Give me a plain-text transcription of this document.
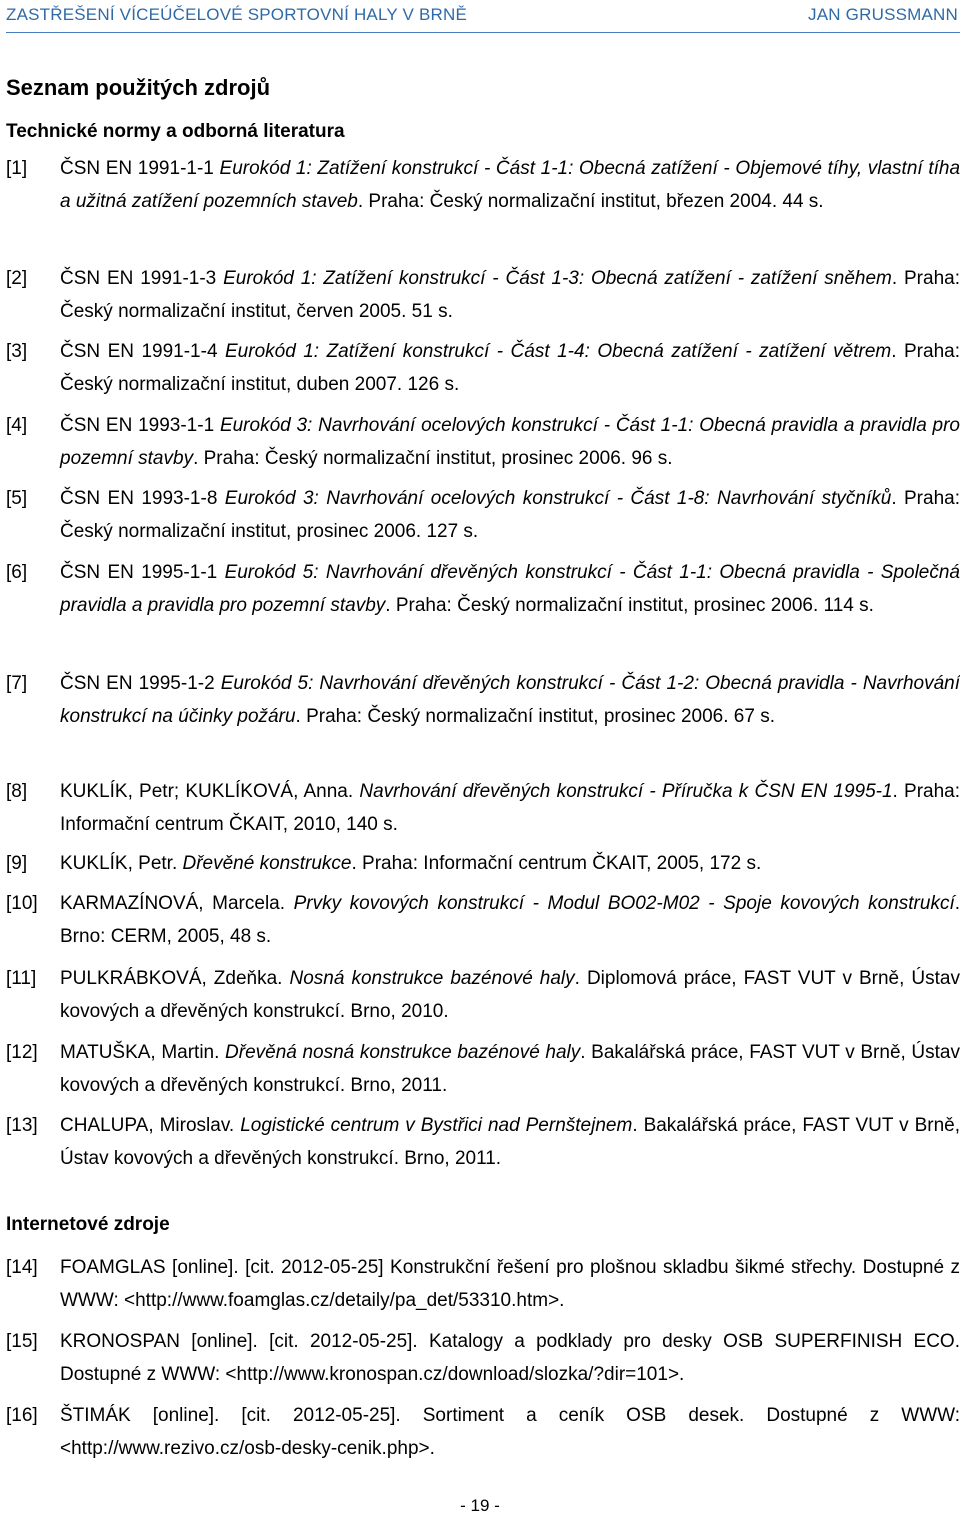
ZASTŘEŠENÍ VÍCEÚČELOVÉ SPORTOVNÍ HALY V BRNĚ	JAN GRUSSMANN
Seznam použitých zdrojů
Technické normy a odborná literatura
[1] ČSN EN 1991-1-1 Eurokód 1: Zatížení konstrukcí - Část 1-1: Obecná zatížení - Objemové tíhy, vlastní tíha a užitná zatížení pozemních staveb. Praha: Český normalizační institut, březen 2004. 44 s.
[2] ČSN EN 1991-1-3 Eurokód 1: Zatížení konstrukcí - Část 1-3: Obecná zatížení - zatížení sněhem. Praha: Český normalizační institut, červen 2005. 51 s.
[3] ČSN EN 1991-1-4 Eurokód 1: Zatížení konstrukcí - Část 1-4: Obecná zatížení - zatížení větrem. Praha: Český normalizační institut, duben 2007. 126 s.
[4] ČSN EN 1993-1-1 Eurokód 3: Navrhování ocelových konstrukcí - Část 1-1: Obecná pravidla a pravidla pro pozemní stavby. Praha: Český normalizační institut, prosinec 2006. 96 s.
[5] ČSN EN 1993-1-8 Eurokód 3: Navrhování ocelových konstrukcí - Část 1-8: Navrhování styčníků. Praha: Český normalizační institut, prosinec 2006. 127 s.
[6] ČSN EN 1995-1-1 Eurokód 5: Navrhování dřevěných konstrukcí - Část 1-1: Obecná pravidla - Společná pravidla a pravidla pro pozemní stavby. Praha: Český normalizační institut, prosinec 2006. 114 s.
[7] ČSN EN 1995-1-2 Eurokód 5: Navrhování dřevěných konstrukcí - Část 1-2: Obecná pravidla - Navrhování konstrukcí na účinky požáru. Praha: Český normalizační institut, prosinec 2006. 67 s.
[8] KUKLÍK, Petr; KUKLÍKOVÁ, Anna. Navrhování dřevěných konstrukcí - Příručka k ČSN EN 1995-1. Praha: Informační centrum ČKAIT, 2010, 140 s.
[9] KUKLÍK, Petr. Dřevěné konstrukce. Praha: Informační centrum ČKAIT, 2005, 172 s.
[10] KARMAZÍNOVÁ, Marcela. Prvky kovových konstrukcí - Modul BO02-M02 - Spoje kovových konstrukcí. Brno: CERM, 2005, 48 s.
[11] PULKRÁBKOVÁ, Zdeňka. Nosná konstrukce bazénové haly. Diplomová práce, FAST VUT v Brně, Ústav kovových a dřevěných konstrukcí. Brno, 2010.
[12] MATUŠKA, Martin. Dřevěná nosná konstrukce bazénové haly. Bakalářská práce, FAST VUT v Brně, Ústav kovových a dřevěných konstrukcí. Brno, 2011.
[13] CHALUPA, Miroslav. Logistické centrum v Bystřici nad Pernštejnem. Bakalářská práce, FAST VUT v Brně, Ústav kovových a dřevěných konstrukcí. Brno, 2011.
[14] FOAMGLAS [online]. [cit. 2012-05-25] Konstrukční řešení pro plošnou skladbu šikmé střechy. Dostupné z WWW: <http://www.foamglas.cz/detaily/pa_det/53310.htm>.
[15] KRONOSPAN [online]. [cit. 2012-05-25]. Katalogy a podklady pro desky OSB SUPERFINISH ECO. Dostupné z WWW: <http://www.kronospan.cz/download/slozka/?dir=101>.
[16] ŠTIMÁK [online]. [cit. 2012-05-25]. Sortiment a ceník OSB desek. Dostupné z WWW: <http://www.rezivo.cz/osb-desky-cenik.php>.
Internetové zdroje
- 19 -
